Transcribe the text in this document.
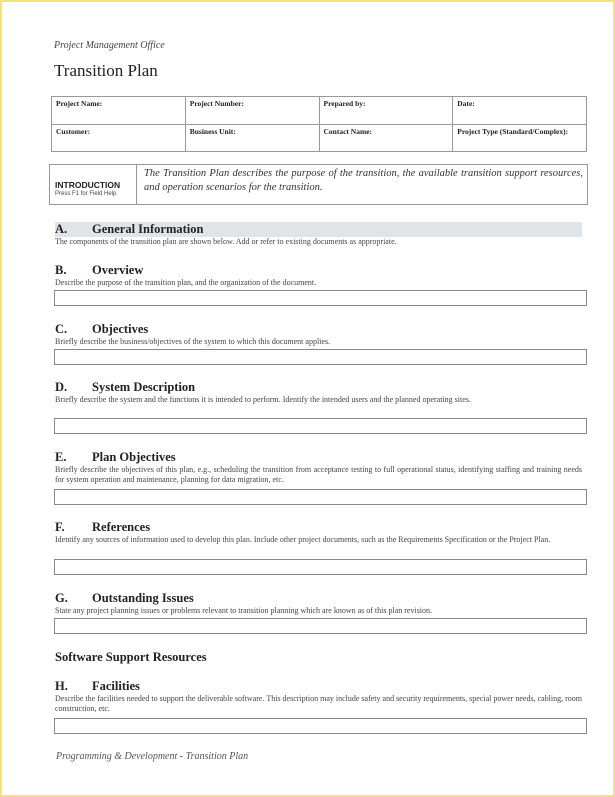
Project Management Office
Transition Plan
Project Name:	Project Number:	Prepared by:	Date:
Customer:	Business Unit:	Contact Name:	Project Type (Standard/Complex):
INTRODUCTION
Press F1 for Field Help
The Transition Plan describes the purpose of the transition, the available transition support resources, and operation scenarios for the transition.
A. General Information
The components of the transition plan are shown below. Add or refer to existing documents as appropriate.
B. Overview
Describe the purpose of the transition plan, and the organization of the document.
C. Objectives
Briefly describe the business/objectives of the system to which this document applies.
D. System Description
Briefly describe the system and the functions it is intended to perform. Identify the intended users and the planned operating sites.
E. Plan Objectives
Briefly describe the objectives of this plan, e.g., scheduling the transition from acceptance testing to full operational status, identifying staffing and training needs for system operation and maintenance, planning for data migration, etc.
F. References
Identify any sources of information used to develop this plan. Include other project documents, such as the Requirements Specification or the Project Plan.
G. Outstanding Issues
State any project planning issues or problems relevant to transition planning which are known as of this plan revision.
Software Support Resources
H. Facilities
Describe the facilities needed to support the deliverable software. This description may include safety and security requirements, special power needs, cabling, room construction, etc.
Programming & Development - Transition Plan
